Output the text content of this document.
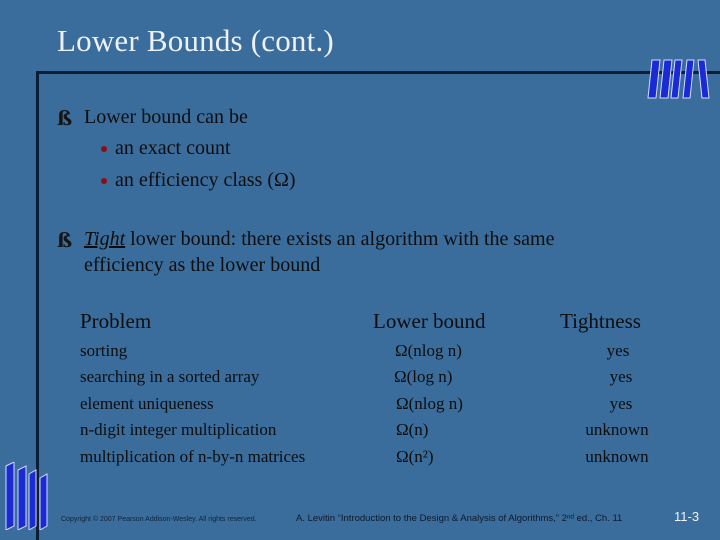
Lower Bounds (cont.)
ß Lower bound can be
an exact count
an efficiency class (Ω)
ß Tight lower bound: there exists an algorithm with the same
efficiency as the lower bound
Problem	Lower bound	Tightness
sorting	Ω(nlog n)	yes
searching in a sorted array	Ω(log n)	yes
element uniqueness	Ω(nlog n)	yes
n-digit integer multiplication	Ω(n)	unknown
multiplication of n-by-n matrices	Ω(n²)	unknown
Copyright © 2007 Pearson Addison-Wesley. All rights reserved.	A. Levitin “Introduction to the Design & Analysis of Algorithms,” 2ⁿᵈ ed., Ch. 11	11-3
